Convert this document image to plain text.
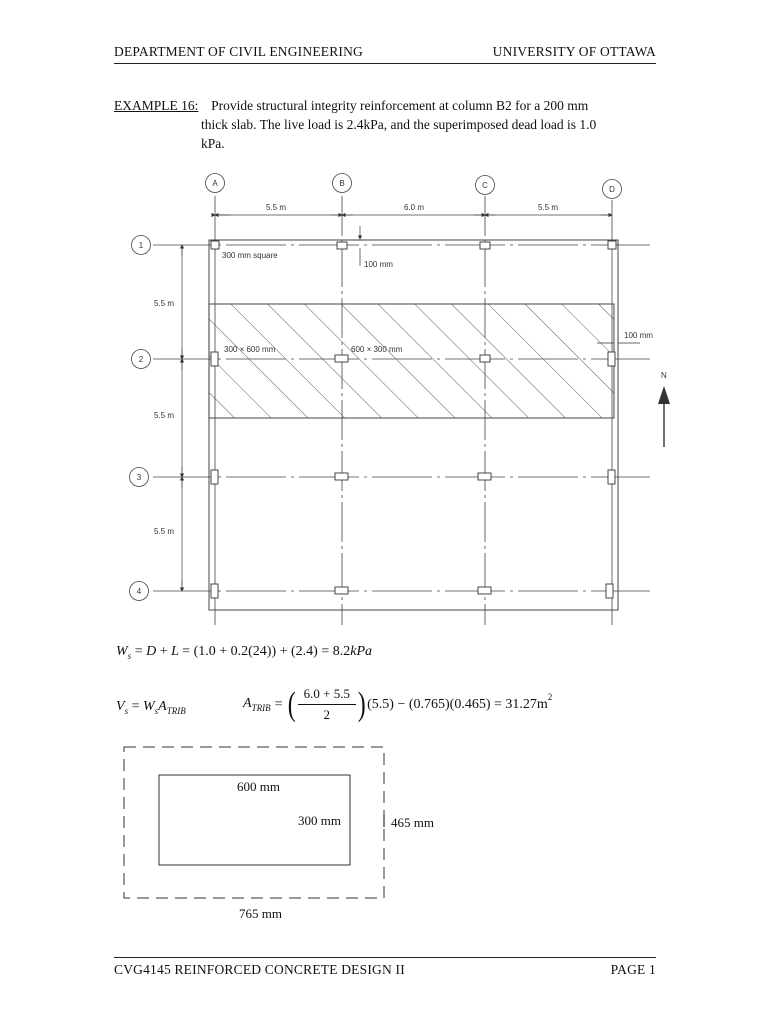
DEPARTMENT OF CIVIL ENGINEERING	UNIVERSITY OF OTTAWA
EXAMPLE 16: Provide structural integrity reinforcement at column B2 for a 200 mm
thick slab. The live load is 2.4kPa, and the superimposed dead load is 1.0
kPa.
A	B	C	D
1
2
3
4
5.5 m	6.0 m	5.5 m
5.5 m
5.5 m
5.5 m
100 mm
100 mm
300 mm square
300 × 600 mm	600 × 300 mm
N
$W_s = D + L = (1.0 + 0.2(24)) + (2.4) = 8.2kPa$
$V_s = W_sA_{TRIB}$	$A_{TRIB}$ = ( 6.0 + 5.5
2 ) $(5.5) - (0.765)(0.465) = 31.27m^2$
600 mm
300 mm	465 mm
765 mm
CVG4145 REINFORCED CONCRETE DESIGN II	PAGE 1
